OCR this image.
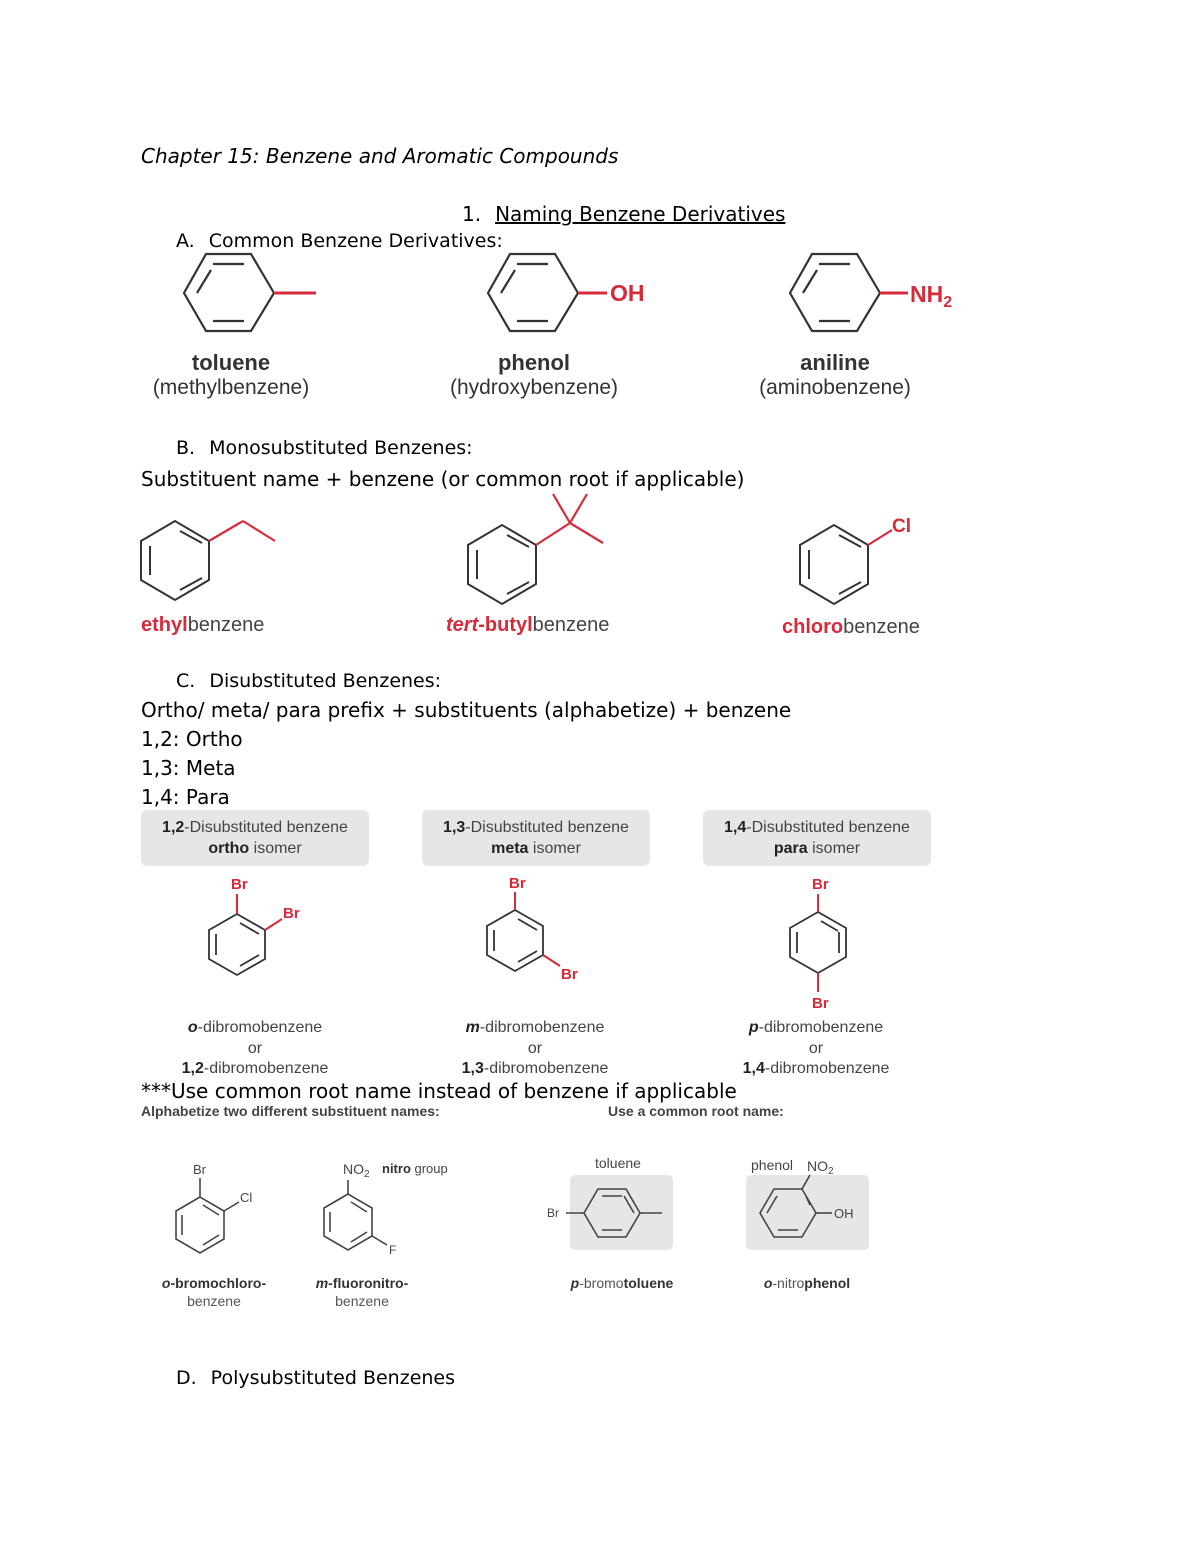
Chapter 15: Benzene and Aromatic Compounds
1. Naming Benzene Derivatives
A. Common Benzene Derivatives:
OH	$NH_2$
toluene
(methylbenzene)
phenol
(hydroxybenzene)
aniline
(aminobenzene)
B. Monosubstituted Benzenes:
Substituent name + benzene (or common root if applicable)
Cl
ethylbenzene	tert-butylbenzene	chlorobenzene
C. Disubstituted Benzenes:
Ortho/ meta/ para prefix + substituents (alphabetize) + benzene
1,2: Ortho
1,3: Meta
1,4: Para
1,2-Disubstituted benzene
ortho isomer
1,3-Disubstituted benzene
meta isomer
1,4-Disubstituted benzene
para isomer
Br
Br
Br
Br
Br
Br
o-dibromobenzene
or
1,2-dibromobenzene
m-dibromobenzene
or
1,3-dibromobenzene
p-dibromobenzene
or
1,4-dibromobenzene
***Use common root name instead of benzene if applicable
Alphabetize two different substituent names:	Use a common root name:
Br
Cl
$NO_2$ nitro group
F
toluene
Br
phenol $NO_2$
OH
o-bromochloro-
benzene
m-fluoronitro-
benzene
p-bromotoluene	o-nitrophenol
D. Polysubstituted Benzenes
